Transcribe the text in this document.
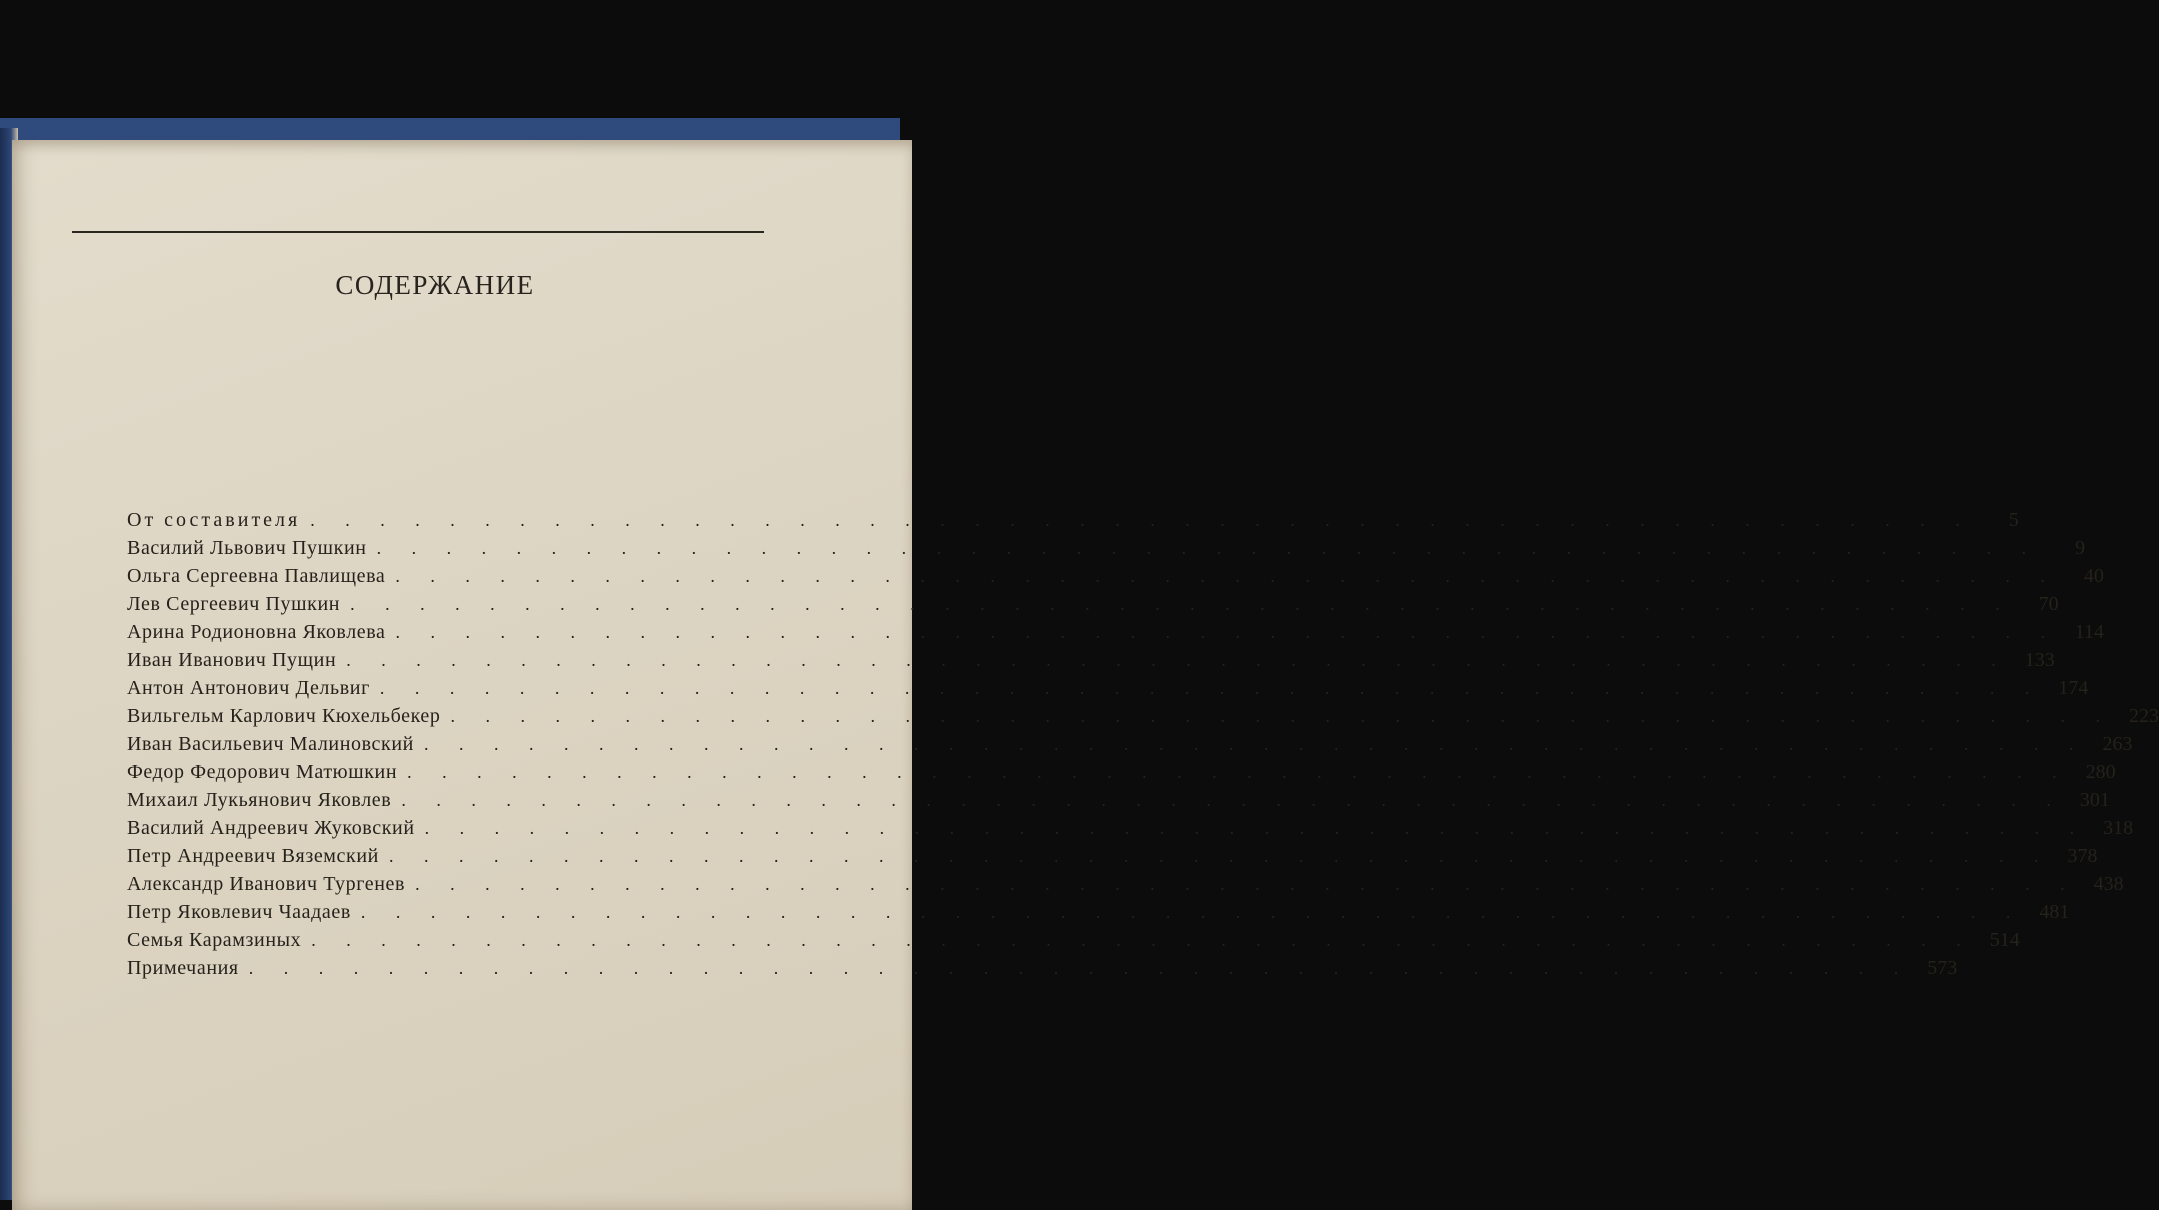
СОДЕРЖАНИЕ
От составителя . . . . . . . . . . . . . . . . . . . . . . . . . . . . . . . . . . . . . . . . . . . . . . . .	5
Василий Львович Пушкин . . . . . . . . . . . . . . . . . . . . . . . . . . . . . . . . . . . . . . . . . . . . . . . .	9
Ольга Сергеевна Павлищева . . . . . . . . . . . . . . . . . . . . . . . . . . . . . . . . . . . . . . . . . . . . . . . .	40
Лев Сергеевич Пушкин . . . . . . . . . . . . . . . . . . . . . . . . . . . . . . . . . . . . . . . . . . . . . . . .	70
Арина Родионовна Яковлева . . . . . . . . . . . . . . . . . . . . . . . . . . . . . . . . . . . . . . . . . . . . . . . . 114
Иван Иванович Пущин . . . . . . . . . . . . . . . . . . . . . . . . . . . . . . . . . . . . . . . . . . . . . . . . 133
Антон Антонович Дельвиг . . . . . . . . . . . . . . . . . . . . . . . . . . . . . . . . . . . . . . . . . . . . . . . . 174
Вильгельм Карлович Кюхельбекер . . . . . . . . . . . . . . . . . . . . . . . . . . . . . . . . . . . . . . . . . . . . . . . . 223
Иван Васильевич Малиновский . . . . . . . . . . . . . . . . . . . . . . . . . . . . . . . . . . . . . . . . . . . . . . . . 263
Федор Федорович Матюшкин . . . . . . . . . . . . . . . . . . . . . . . . . . . . . . . . . . . . . . . . . . . . . . . . 280
Михаил Лукьянович Яковлев . . . . . . . . . . . . . . . . . . . . . . . . . . . . . . . . . . . . . . . . . . . . . . . . 301
Василий Андреевич Жуковский . . . . . . . . . . . . . . . . . . . . . . . . . . . . . . . . . . . . . . . . . . . . . . . . 318
Петр Андреевич Вяземский . . . . . . . . . . . . . . . . . . . . . . . . . . . . . . . . . . . . . . . . . . . . . . . . 378
Александр Иванович Тургенев . . . . . . . . . . . . . . . . . . . . . . . . . . . . . . . . . . . . . . . . . . . . . . . . 438
Петр Яковлевич Чаадаев . . . . . . . . . . . . . . . . . . . . . . . . . . . . . . . . . . . . . . . . . . . . . . . . 481
Семья Карамзиных . . . . . . . . . . . . . . . . . . . . . . . . . . . . . . . . . . . . . . . . . . . . . . . . 514
Примечания . . . . . . . . . . . . . . . . . . . . . . . . . . . . . . . . . . . . . . . . . . . . . . . . 573
